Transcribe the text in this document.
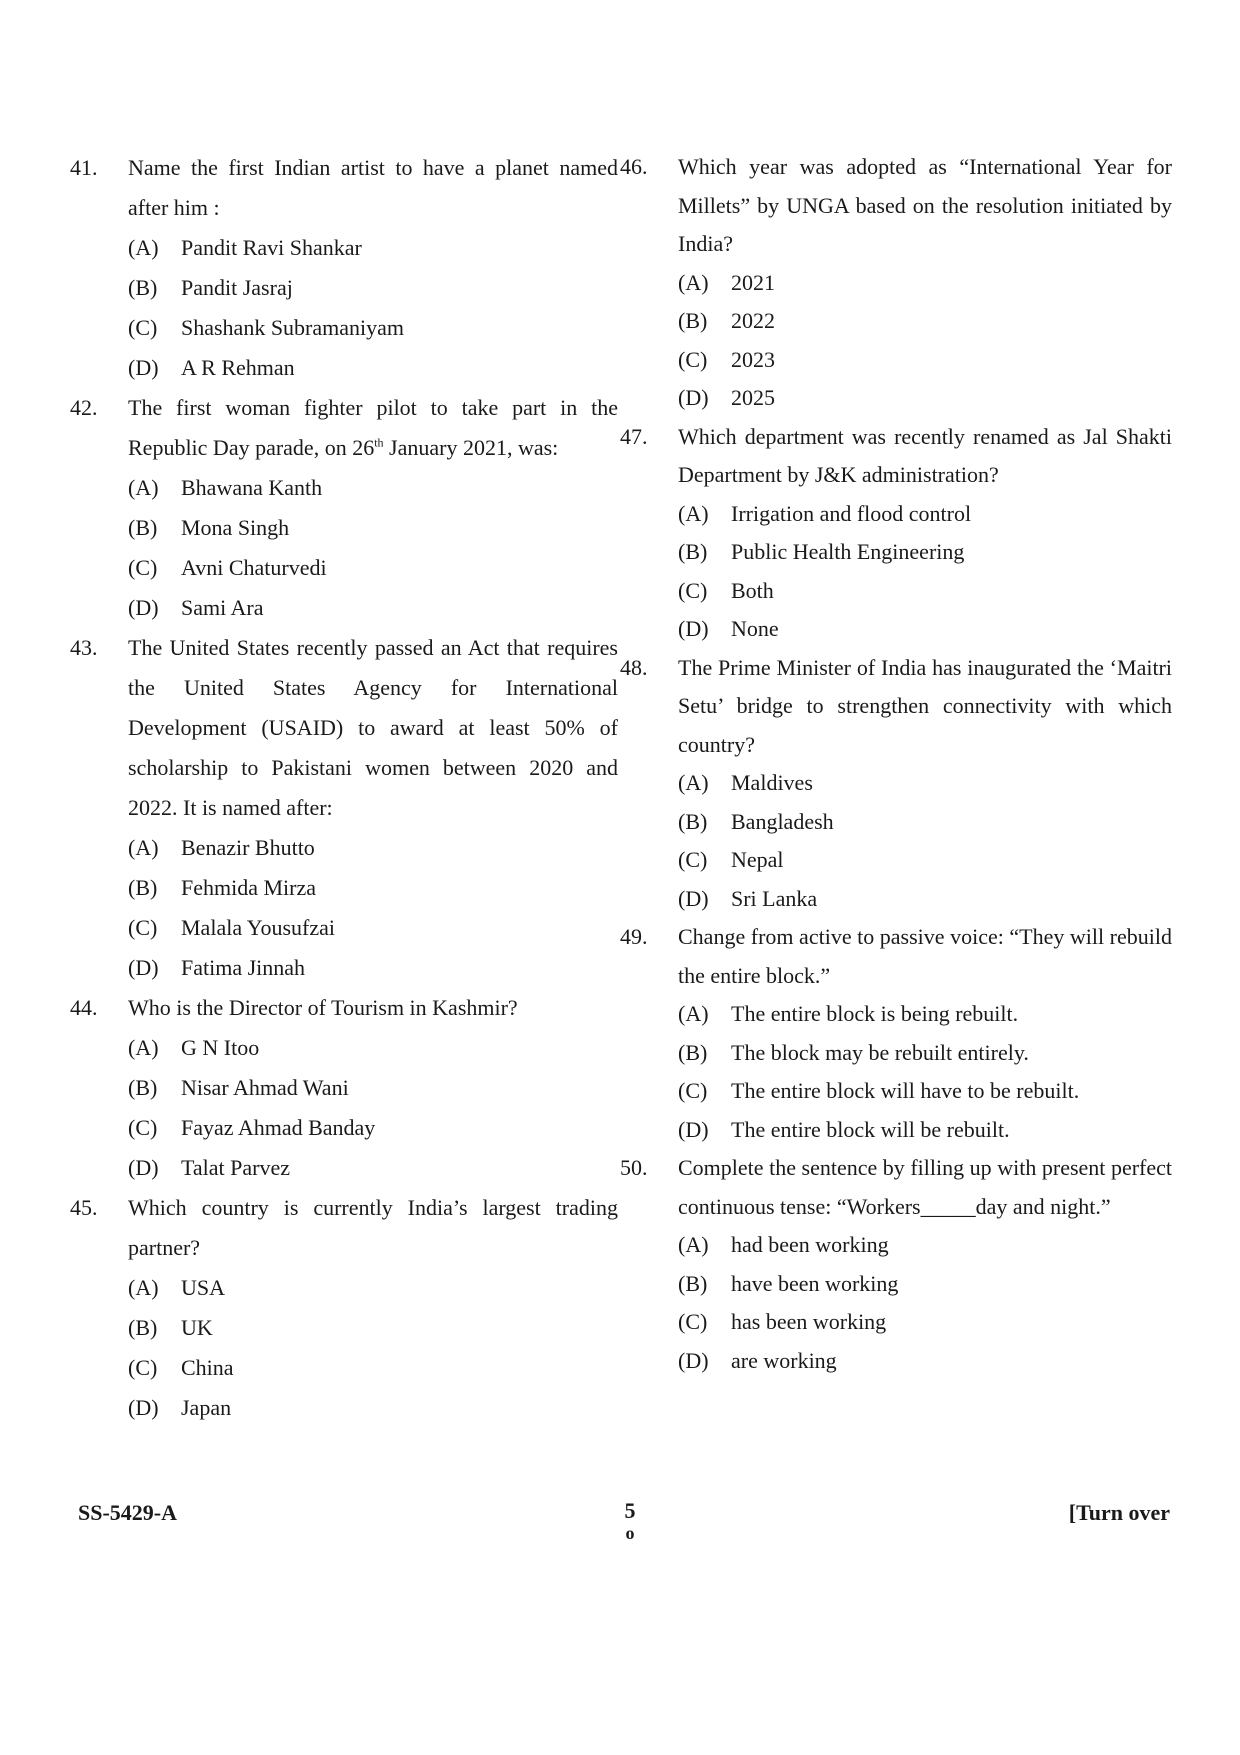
41.	Name the first Indian artist to have a planet named after him :
(A)	Pandit Ravi Shankar
(B)	Pandit Jasraj
(C)	Shashank Subramaniyam
(D)	A R Rehman
42.	The first woman fighter pilot to take part in the Republic Day parade, on 26th January 2021, was:
(A)	Bhawana Kanth
(B)	Mona Singh
(C)	Avni Chaturvedi
(D)	Sami Ara
43.	The United States recently passed an Act that requires the United States Agency for International Development (USAID) to award at least 50% of scholarship to Pakistani women between 2020 and 2022. It is named after:
(A)	Benazir Bhutto
(B)	Fehmida Mirza
(C)	Malala Yousufzai
(D)	Fatima Jinnah
44.	Who is the Director of Tourism in Kashmir?
(A)	G N Itoo
(B)	Nisar Ahmad Wani
(C)	Fayaz Ahmad Banday
(D)	Talat Parvez
45.	Which country is currently India’s largest trading partner?
(A)	USA
(B)	UK
(C)	China
(D)	Japan
46.	Which year was adopted as “International Year for Millets” by UNGA based on the resolution initiated by India?
(A)	2021
(B)	2022
(C)	2023
(D)	2025
47.	Which department was recently renamed as Jal Shakti Department by J&K administration?
(A)	Irrigation and flood control
(B)	Public Health Engineering
(C)	Both
(D)	None
48.	The Prime Minister of India has inaugurated the ‘Maitri Setu’ bridge to strengthen connectivity with which country?
(A)	Maldives
(B)	Bangladesh
(C)	Nepal
(D)	Sri Lanka
49.	Change from active to passive voice: “They will rebuild the entire block.”
(A)	The entire block is being rebuilt.
(B)	The block may be rebuilt entirely.
(C)	The entire block will have to be rebuilt.
(D)	The entire block will be rebuilt.
50.	Complete the sentence by filling up with present perfect continuous tense: “Workers_____day and night.”
(A)	had been working
(B)	have been working
(C)	has been working
(D)	are working
SS-5429-A	5
o
[Turn over
